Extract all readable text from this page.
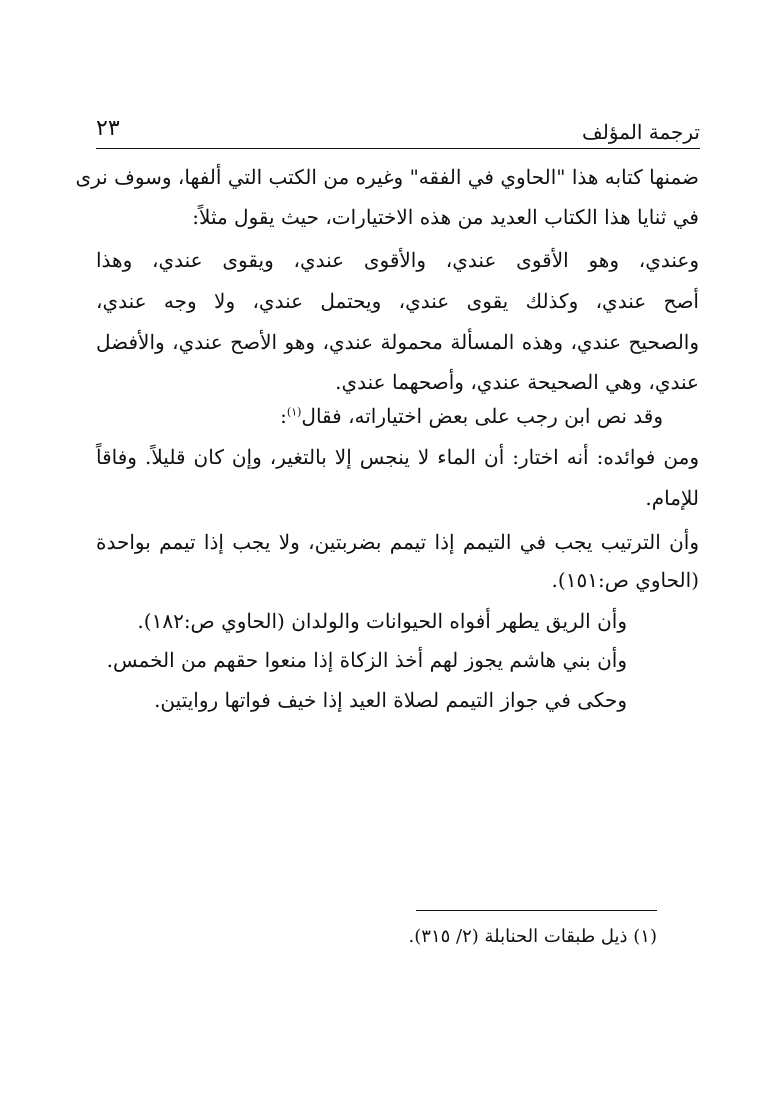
ترجمة المؤلف
٢٣
ضمنها كتابه هذا "الحاوي في الفقه" وغيره من الكتب التي ألفها، وسوف نرى
في ثنايا هذا الكتاب العديد من هذه الاختيارات، حيث يقول مثلاً:
وعندي، وهو الأقوى عندي، والأقوى عندي، ويقوى عندي، وهذا
أصح عندي، وكذلك يقوى عندي، ويحتمل عندي، ولا وجه عندي،
والصحيح عندي، وهذه المسألة محمولة عندي، وهو الأصح عندي، والأفضل
عندي، وهي الصحيحة عندي، وأصحهما عندي.
وقد نص ابن رجب على بعض اختياراته، فقال$^{(١)}$:
ومن فوائده: أنه اختار: أن الماء لا ينجس إلا بالتغير، وإن كان قليلاً. وفاقاً
للإمام.
وأن الترتيب يجب في التيمم إذا تيمم بضربتين، ولا يجب إذا تيمم بواحدة
(الحاوي ص:١٥١).
وأن الريق يطهر أفواه الحيوانات والولدان (الحاوي ص:١٨٢).
وأن بني هاشم يجوز لهم أخذ الزكاة إذا منعوا حقهم من الخمس.
وحكى في جواز التيمم لصلاة العيد إذا خيف فواتها روايتين.
(١) ذيل طبقات الحنابلة (٢/ ٣١٥).
